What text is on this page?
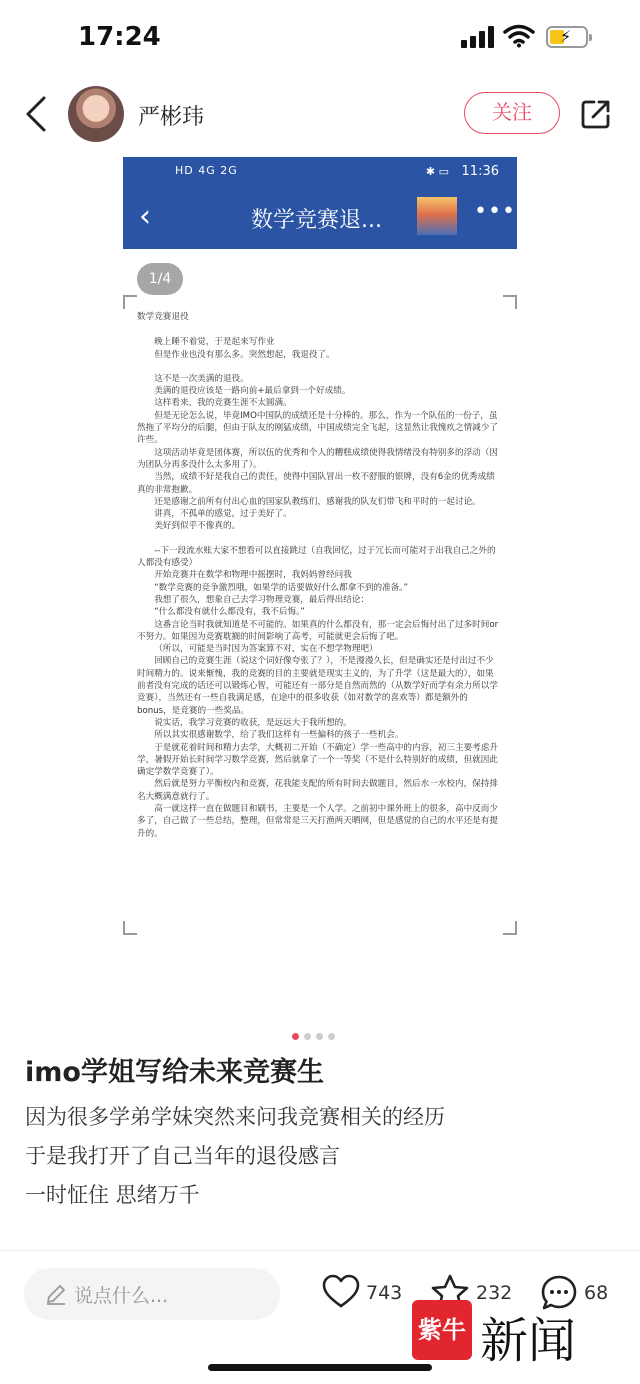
17:24	⚡
严彬玮	关注
HD 4G 2G	✱ ▭ 11:36
‹	数学竞赛退...	•••
1/4
数学竞赛退役

晚上睡不着觉，于是起来写作业

但是作业也没有那么多。突然想起，我退役了。

这不是一次美满的退役。

美满的退役应该是一路向前+最后拿到一个好成绩。

这样看来，我的竞赛生涯不太圆满。

但是无论怎么说，毕竟IMO中国队的成绩还是十分棒的。那么，作为一个队伍的一份子，虽然拖了平均分的后腿，但由于队友的刚猛成绩，中国成绩完全飞起，这显然让我愧疚之情减少了许些。

这项活动毕竟是团体赛，所以伍的优秀和个人的糟糕成绩使得我情绪没有特别多的浮动（因为团队分再多没什么太多用了）。

当然，成绩不好是我自己的责任，使得中国队冒出一枚不舒服的银牌，没有6金的优秀成绩真的非常抱歉。

还是感谢之前所有付出心血的国家队教练们，感谢我的队友们带飞和平时的一起讨论。

讲真，不孤单的感觉，过于美好了。

美好到似乎不像真的。

--下一段流水账大家不想看可以直接跳过（自我回忆，过于冗长而可能对于出我自己之外的人都没有感受）

开始竞赛并在数学和物理中摇摆时，我妈妈曾经问我

“数学竞赛的竞争激烈哦，如果学的话要做好什么都拿不到的准备。”

我想了很久，想象自己去学习物理竞赛，最后得出结论：

“什么都没有就什么都没有，我不后悔。”

这番言论当时我就知道是不可能的。如果真的什么都没有，那一定会后悔付出了过多时间or不努力。如果因为竞赛耽搁的时间影响了高考，可能就更会后悔了吧。

（所以，可能是当时因为答案算不对，实在不想学物理吧）

回顾自己的竞赛生涯（说这个词好像夸张了？），不是漫漫久长，但是确实还是付出过不少时间精力的。说来惭愧，我的竞赛的目的主要就是现实主义的，为了升学（这是最大的），如果前者没有完成的话还可以锻炼心智，可能还有一部分是自然而然的（从数学好而学有余力所以学竞赛），当然还有一些自我满足感，在途中的很多收获（如对数学的喜欢等）都是额外的bonus，是竞赛的一些奖品。

说实话，我学习竞赛的收获，是远远大于我所想的。

所以其实很感谢数学，给了我们这样有一些偏科的孩子一些机会。

于是就花着时间和精力去学，大概初二开始（不确定）学一些高中的内容，初三主要考虑升学，暑假开始长时间学习数学竞赛，然后就拿了一个一等奖（不是什么特别好的成绩，但就因此确定学数学竞赛了）。

然后就是努力平衡校内和竞赛，花我能支配的所有时间去做题目，然后水一水校内，保持排名大概满意就行了。

高一就这样一直在做题目和刷书，主要是一个人学。之前初中课外班上的很多，高中反而少多了，自己做了一些总结，整理，但常常是三天打渔两天晒网，但是感觉的自己的水平还是有提升的。

imo学姐写给未来竞赛生
因为很多学弟学妹突然来问我竞赛相关的经历
于是我打开了自己当年的退役感言
一时怔住 思绪万千
说点什么...	743	232	68
紫牛 新闻
